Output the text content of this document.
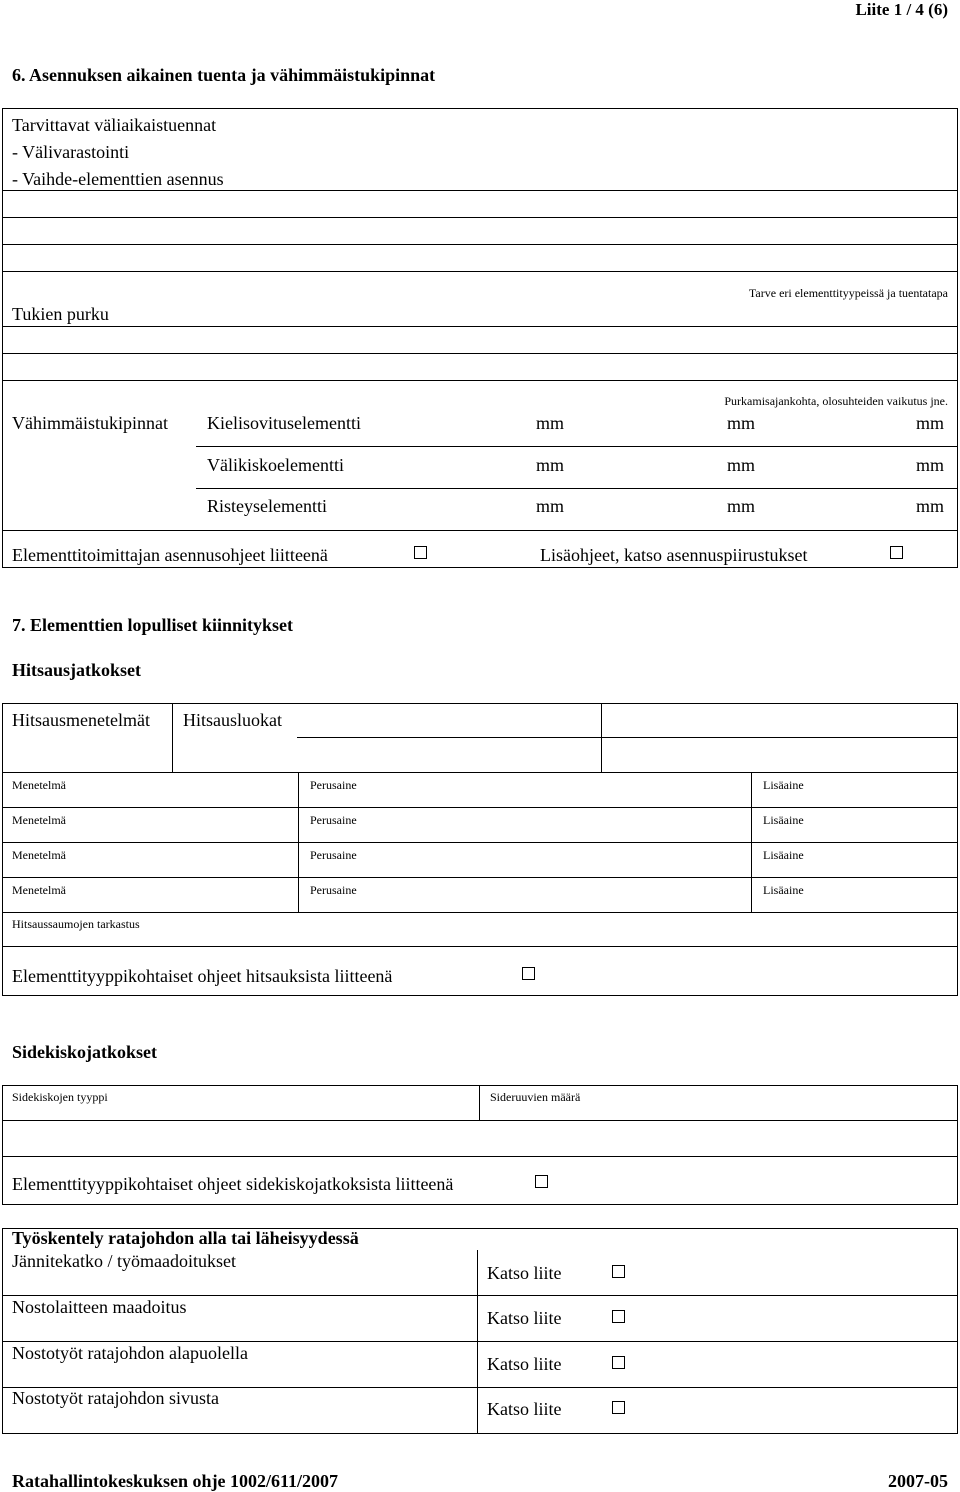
Liite 1 / 4 (6)
6. Asennuksen aikainen tuenta ja vähimmäistukipinnat
Tarvittavat väliaikaistuennat
- Välivarastointi
- Vaihde-elementtien asennus
Tarve eri elementtityypeissä ja tuentatapa
Tukien purku
Purkamisajankohta, olosuhteiden vaikutus jne.
Vähimmäistukipinnat Kielisovituselementti	mm	mm	mm
Välikiskoelementti	mm	mm	mm
Risteyselementti	mm	mm	mm
Elementtitoimittajan asennusohjeet liitteenä	Lisäohjeet, katso asennuspiirustukset
7. Elementtien lopulliset kiinnitykset
Hitsausjatkokset
Hitsausmenetelmät Hitsausluokat
Menetelmä	Perusaine	Lisäaine
Menetelmä	Perusaine	Lisäaine
Menetelmä	Perusaine	Lisäaine
Menetelmä	Perusaine	Lisäaine
Hitsaussaumojen tarkastus
Elementtityyppikohtaiset ohjeet hitsauksista liitteenä
Sidekiskojatkokset
Sidekiskojen tyyppi	Sideruuvien määrä
Elementtityyppikohtaiset ohjeet sidekiskojatkoksista liitteenä
Työskentely ratajohdon alla tai läheisyydessä
Jännitekatko / työmaadoitukset
Katso liite
Nostolaitteen maadoitus
Katso liite
Nostotyöt ratajohdon alapuolella
Katso liite
Nostotyöt ratajohdon sivusta
Katso liite
Ratahallintokeskuksen ohje 1002/611/2007	2007-05
